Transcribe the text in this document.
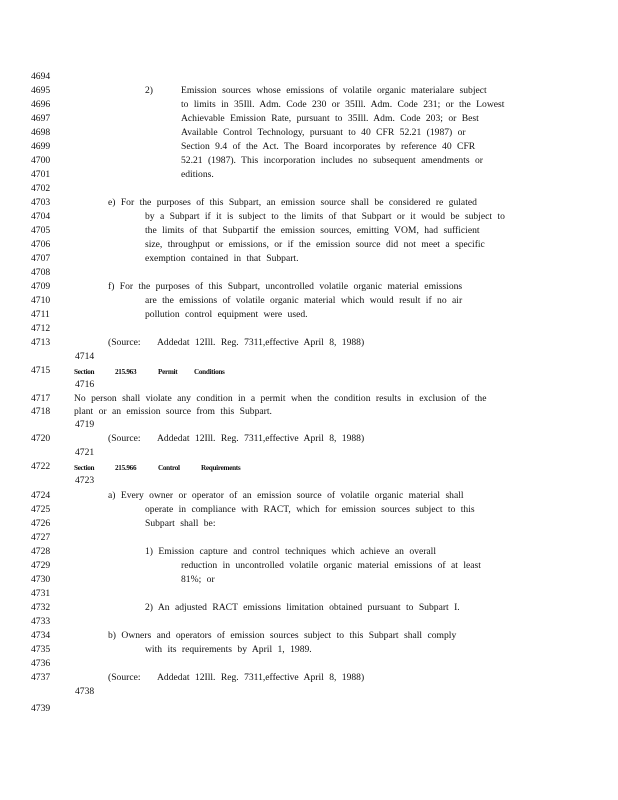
4694
4695
4696
4697
4698
4699
4700
4701
4702
4703
4704
4705
4706
4707
4708
4709
4710
4711
4712
4713
4714
4715
4716
4717
4718
4719
4720
4721
4722
4723
4724
4725
4726
4727
4728
4729
4730
4731
4732
4733
4734
4735
4736
4737
4738
4739
2)	Emission sources whose emissions of volatile organic materialare subject
to limits in 35Ill. Adm. Code 230 or 35Ill. Adm. Code 231; or the Lowest
Achievable Emission Rate, pursuant to 35Ill. Adm. Code 203; or Best
Available Control Technology, pursuant to 40 CFR 52.21 (1987) or
Section 9.4 of the Act. The Board incorporates by reference 40 CFR
52.21 (1987). This incorporation includes no subsequent amendments or
editions.
e) For the purposes of this Subpart, an emission source shall be considered re gulated
by a Subpart if it is subject to the limits of that Subpart or it would be subject to
the limits of that Subpartif the emission sources, emitting VOM, had sufficient
size, throughput or emissions, or if the emission source did not meet a specific
exemption contained in that Subpart.
f) For the purposes of this Subpart, uncontrolled volatile organic material emissions
are the emissions of volatile organic material which would result if no air
pollution control equipment were used.
(Source: Addedat 12Ill. Reg. 7311,effective April 8, 1988)
Section	215.963	Permit Conditions
No person shall violate any condition in a permit when the condition results in exclusion of the
plant or an emission source from this Subpart.
(Source: Addedat 12Ill. Reg. 7311,effective April 8, 1988)
Section	215.966	Control	Requirements
a) Every owner or operator of an emission source of volatile organic material shall
operate in compliance with RACT, which for emission sources subject to this
Subpart shall be:
1) Emission capture and control techniques which achieve an overall
reduction in uncontrolled volatile organic material emissions of at least
81%; or
2) An adjusted RACT emissions limitation obtained pursuant to Subpart I.
b) Owners and operators of emission sources subject to this Subpart shall comply
with its requirements by April 1, 1989.
(Source: Addedat 12Ill. Reg. 7311,effective April 8, 1988)
